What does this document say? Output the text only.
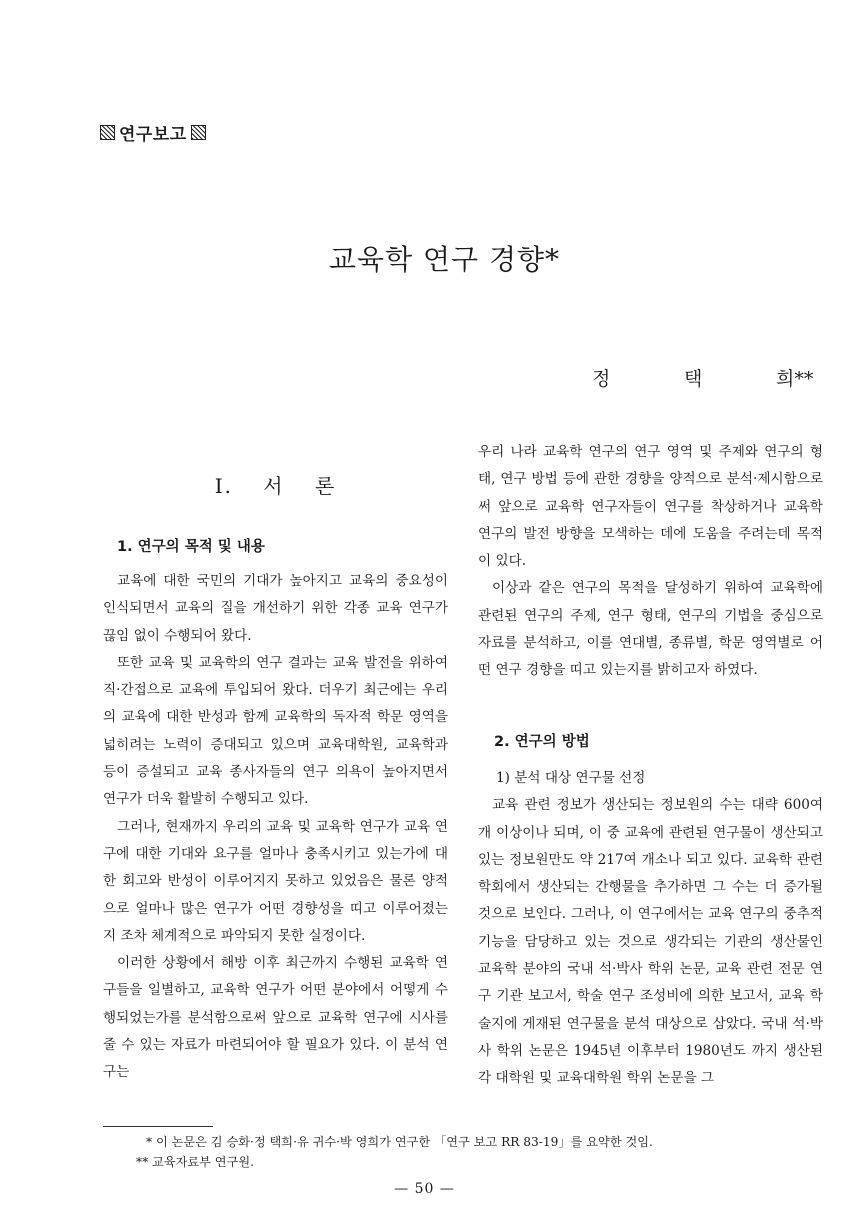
연구보고
교육학 연구 경향*
정	택	희**
Ⅰ. 서 론
1. 연구의 목적 및 내용

교육에 대한 국민의 기대가 높아지고 교육의 중요성이 인식되면서 교육의 질을 개선하기 위한 각종 교육 연구가 끊임 없이 수행되어 왔다.

또한 교육 및 교육학의 연구 결과는 교육 발전을 위하여 직·간접으로 교육에 투입되어 왔다. 더우기 최근에는 우리의 교육에 대한 반성과 함께 교육학의 독자적 학문 영역을 넓히려는 노력이 증대되고 있으며 교육대학원, 교육학과 등이 증설되고 교육 종사자들의 연구 의욕이 높아지면서 연구가 더욱 활발히 수행되고 있다.

그러나, 현재까지 우리의 교육 및 교육학 연구가 교육 연구에 대한 기대와 요구를 얼마나 충족시키고 있는가에 대한 회고와 반성이 이루어지지 못하고 있었음은 물론 양적으로 얼마나 많은 연구가 어떤 경향성을 띠고 이루어졌는지 조차 체계적으로 파악되지 못한 실정이다.

이러한 상황에서 해방 이후 최근까지 수행된 교육학 연구들을 일별하고, 교육학 연구가 어떤 분야에서 어떻게 수행되었는가를 분석함으로써 앞으로 교육학 연구에 시사를 줄 수 있는 자료가 마련되어야 할 필요가 있다. 이 분석 연구는

우리 나라 교육학 연구의 연구 영역 및 주제와 연구의 형태, 연구 방법 등에 관한 경향을 양적으로 분석·제시함으로써 앞으로 교육학 연구자들이 연구를 착상하거나 교육학 연구의 발전 방향을 모색하는 데에 도움을 주려는데 목적이 있다.

이상과 같은 연구의 목적을 달성하기 위하여 교육학에 관련된 연구의 주제, 연구 형태, 연구의 기법을 중심으로 자료를 분석하고, 이를 연대별, 종류별, 학문 영역별로 어떤 연구 경향을 띠고 있는지를 밝히고자 하였다.

2. 연구의 방법

1) 분석 대상 연구물 선정

교육 관련 정보가 생산되는 정보원의 수는 대략 600여 개 이상이나 되며, 이 중 교육에 관련된 연구물이 생산되고 있는 정보원만도 약 217여 개소나 되고 있다. 교육학 관련 학회에서 생산되는 간행물을 추가하면 그 수는 더 증가될 것으로 보인다. 그러나, 이 연구에서는 교육 연구의 중추적 기능을 담당하고 있는 것으로 생각되는 기관의 생산물인 교육학 분야의 국내 석·박사 학위 논문, 교육 관련 전문 연구 기관 보고서, 학술 연구 조성비에 의한 보고서, 교육 학술지에 게재된 연구물을 분석 대상으로 삼았다. 국내 석·박사 학위 논문은 1945년 이후부터 1980년도 까지 생산된 각 대학원 및 교육대학원 학위 논문을 그

* 이 논문은 김 승화·정 택희·유 귀수·박 영희가 연구한 「연구 보고 RR 83-19」를 요약한 것임.
** 교육자료부 연구원.
— 50 —
